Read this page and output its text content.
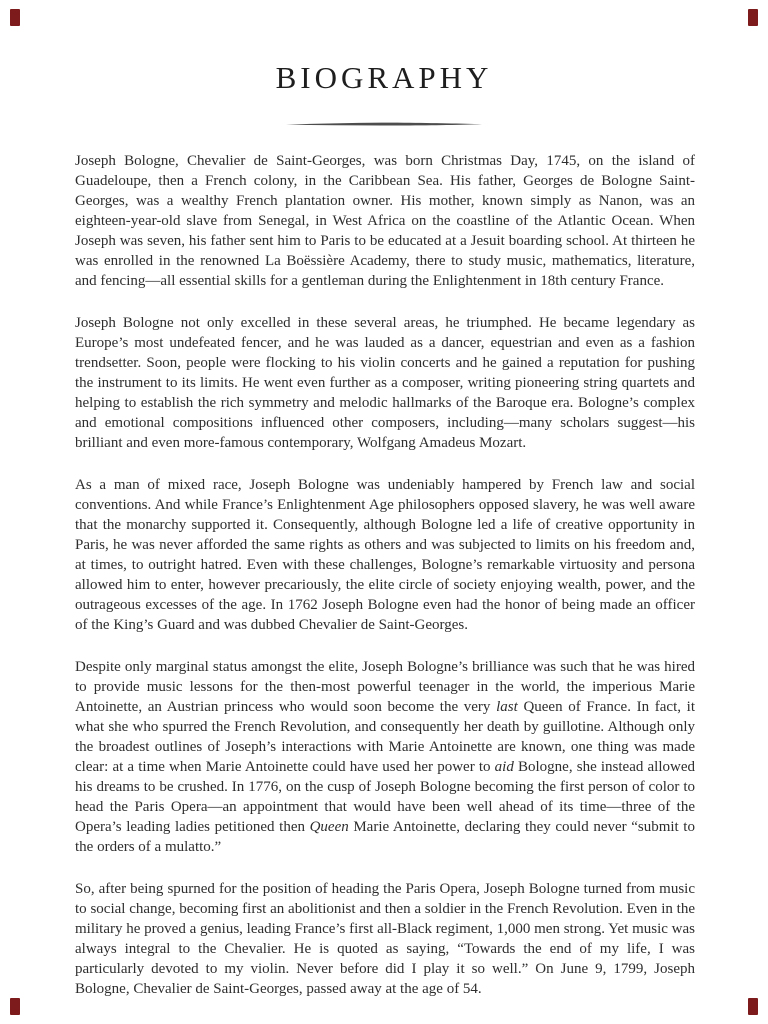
BIOGRAPHY

Joseph Bologne, Chevalier de Saint-Georges, was born Christmas Day, 1745, on the island of Guadeloupe, then a French colony, in the Caribbean Sea. His father, Georges de Bologne Saint-Georges, was a wealthy French plantation owner. His mother, known simply as Nanon, was an eighteen-year-old slave from Senegal, in West Africa on the coastline of the Atlantic Ocean. When Joseph was seven, his father sent him to Paris to be educated at a Jesuit boarding school. At thirteen he was enrolled in the renowned La Boëssière Academy, there to study music, mathematics, literature, and fencing—all essential skills for a gentleman during the Enlightenment in 18th century France.

Joseph Bologne not only excelled in these several areas, he triumphed. He became legendary as Europe’s most undefeated fencer, and he was lauded as a dancer, equestrian and even as a fashion trendsetter. Soon, people were flocking to his violin concerts and he gained a reputation for pushing the instrument to its limits. He went even further as a composer, writing pioneering string quartets and helping to establish the rich symmetry and melodic hallmarks of the Baroque era. Bologne’s complex and emotional compositions influenced other composers, including—many scholars suggest—his brilliant and even more-famous contemporary, Wolfgang Amadeus Mozart.

As a man of mixed race, Joseph Bologne was undeniably hampered by French law and social conventions. And while France’s Enlightenment Age philosophers opposed slavery, he was well aware that the monarchy supported it. Consequently, although Bologne led a life of creative opportunity in Paris, he was never afforded the same rights as others and was subjected to limits on his freedom and, at times, to outright hatred. Even with these challenges, Bologne’s remarkable virtuosity and persona allowed him to enter, however precariously, the elite circle of society enjoying wealth, power, and the outrageous excesses of the age. In 1762 Joseph Bologne even had the honor of being made an officer of the King’s Guard and was dubbed Chevalier de Saint-Georges.

Despite only marginal status amongst the elite, Joseph Bologne’s brilliance was such that he was hired to provide music lessons for the then-most powerful teenager in the world, the imperious Marie Antoinette, an Austrian princess who would soon become the very last Queen of France. In fact, it what she who spurred the French Revolution, and consequently her death by guillotine. Although only the broadest outlines of Joseph’s interactions with Marie Antoinette are known, one thing was made clear: at a time when Marie Antoinette could have used her power to aid Bologne, she instead allowed his dreams to be crushed. In 1776, on the cusp of Joseph Bologne becoming the first person of color to head the Paris Opera—an appointment that would have been well ahead of its time—three of the Opera’s leading ladies petitioned then Queen Marie Antoinette, declaring they could never “submit to the orders of a mulatto.”

So, after being spurned for the position of heading the Paris Opera, Joseph Bologne turned from music to social change, becoming first an abolitionist and then a soldier in the French Revolution. Even in the military he proved a genius, leading France’s first all-Black regiment, 1,000 men strong. Yet music was always integral to the Chevalier. He is quoted as saying, “Towards the end of my life, I was particularly devoted to my violin. Never before did I play it so well.” On June 9, 1799, Joseph Bologne, Chevalier de Saint-Georges, passed away at the age of 54.
